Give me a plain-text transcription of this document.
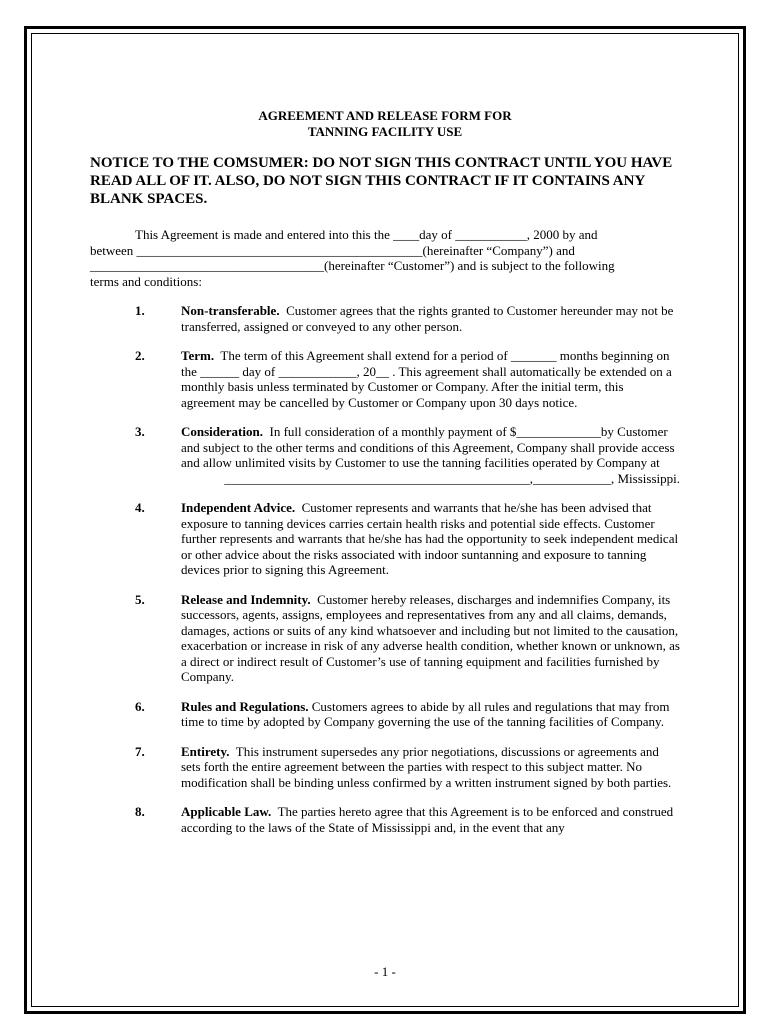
AGREEMENT AND RELEASE FORM FOR
TANNING FACILITY USE
NOTICE TO THE COMSUMER: DO NOT SIGN THIS CONTRACT UNTIL YOU HAVE READ ALL OF IT. ALSO, DO NOT SIGN THIS CONTRACT IF IT CONTAINS ANY BLANK SPACES.
This Agreement is made and entered into this the ____day of ___________, 2000 by and
between ____________________________________________(hereinafter “Company”) and
____________________________________(hereinafter “Customer”) and is subject to the following
terms and conditions:
1.	Non-transferable. Customer agrees that the rights granted to Customer hereunder may not be transferred, assigned or conveyed to any other person.
2.	Term. The term of this Agreement shall extend for a period of _______ months beginning on the ______ day of ____________, 20__ . This agreement shall automatically be extended on a monthly basis unless terminated by Customer or Company. After the initial term, this agreement may be cancelled by Customer or Company upon 30 days notice.
3.	Consideration. In full consideration of a monthly payment of $_____________by Customer and subject to the other terms and conditions of this Agreement, Company shall provide access and allow unlimited visits by Customer to use the tanning facilities operated by Company at
_______________________________________________,____________, Mississippi.
4.	Independent Advice. Customer represents and warrants that he/she has been advised that exposure to tanning devices carries certain health risks and potential side effects. Customer further represents and warrants that he/she has had the opportunity to seek independent medical or other advice about the risks associated with indoor suntanning and exposure to tanning devices prior to signing this Agreement.
5.	Release and Indemnity. Customer hereby releases, discharges and indemnifies Company, its successors, agents, assigns, employees and representatives from any and all claims, demands, damages, actions or suits of any kind whatsoever and including but not limited to the causation, exacerbation or increase in risk of any adverse health condition, whether known or unknown, as a direct or indirect result of Customer’s use of tanning equipment and facilities furnished by Company.
6.	Rules and Regulations. Customers agrees to abide by all rules and regulations that may from time to time by adopted by Company governing the use of the tanning facilities of Company.
7.	Entirety. This instrument supersedes any prior negotiations, discussions or agreements and sets forth the entire agreement between the parties with respect to this subject matter. No modification shall be binding unless confirmed by a written instrument signed by both parties.
8.	Applicable Law. The parties hereto agree that this Agreement is to be enforced and construed according to the laws of the State of Mississippi and, in the event that any
- 1 -
